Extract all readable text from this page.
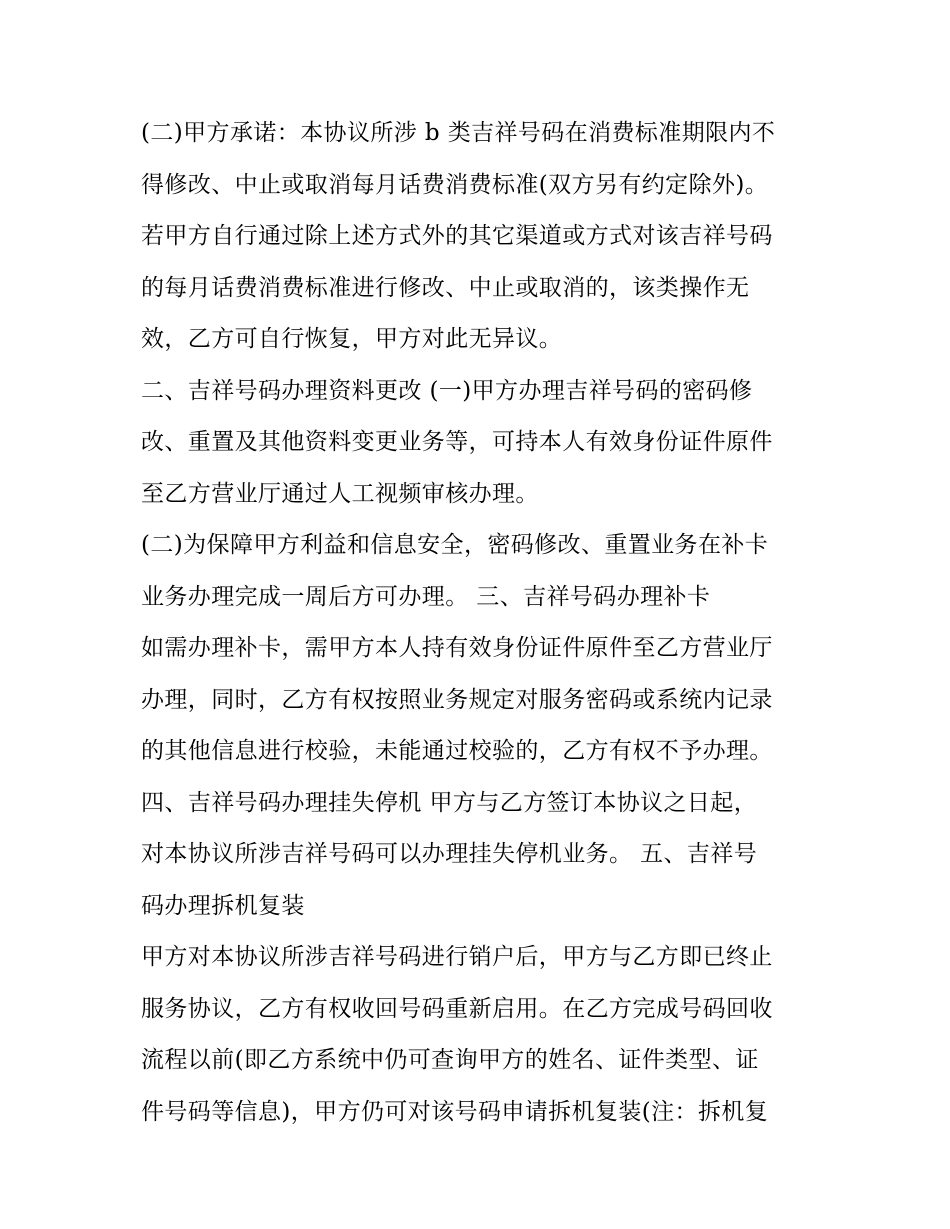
(二)甲方承诺：本协议所涉 b 类吉祥号码在消费标准期限内不
得修改、中止或取消每月话费消费标准(双方另有约定除外)。
若甲方自行通过除上述方式外的其它渠道或方式对该吉祥号码
的每月话费消费标准进行修改、中止或取消的，该类操作无
效，乙方可自行恢复，甲方对此无异议。
二、吉祥号码办理资料更改 (一)甲方办理吉祥号码的密码修
改、重置及其他资料变更业务等，可持本人有效身份证件原件
至乙方营业厅通过人工视频审核办理。
(二)为保障甲方利益和信息安全，密码修改、重置业务在补卡
业务办理完成一周后方可办理。 三、吉祥号码办理补卡
如需办理补卡，需甲方本人持有效身份证件原件至乙方营业厅
办理，同时，乙方有权按照业务规定对服务密码或系统内记录
的其他信息进行校验，未能通过校验的，乙方有权不予办理。
四、吉祥号码办理挂失停机 甲方与乙方签订本协议之日起，
对本协议所涉吉祥号码可以办理挂失停机业务。 五、吉祥号
码办理拆机复装
甲方对本协议所涉吉祥号码进行销户后，甲方与乙方即已终止
服务协议，乙方有权收回号码重新启用。在乙方完成号码回收
流程以前(即乙方系统中仍可查询甲方的姓名、证件类型、证
件号码等信息)，甲方仍可对该号码申请拆机复装(注：拆机复
